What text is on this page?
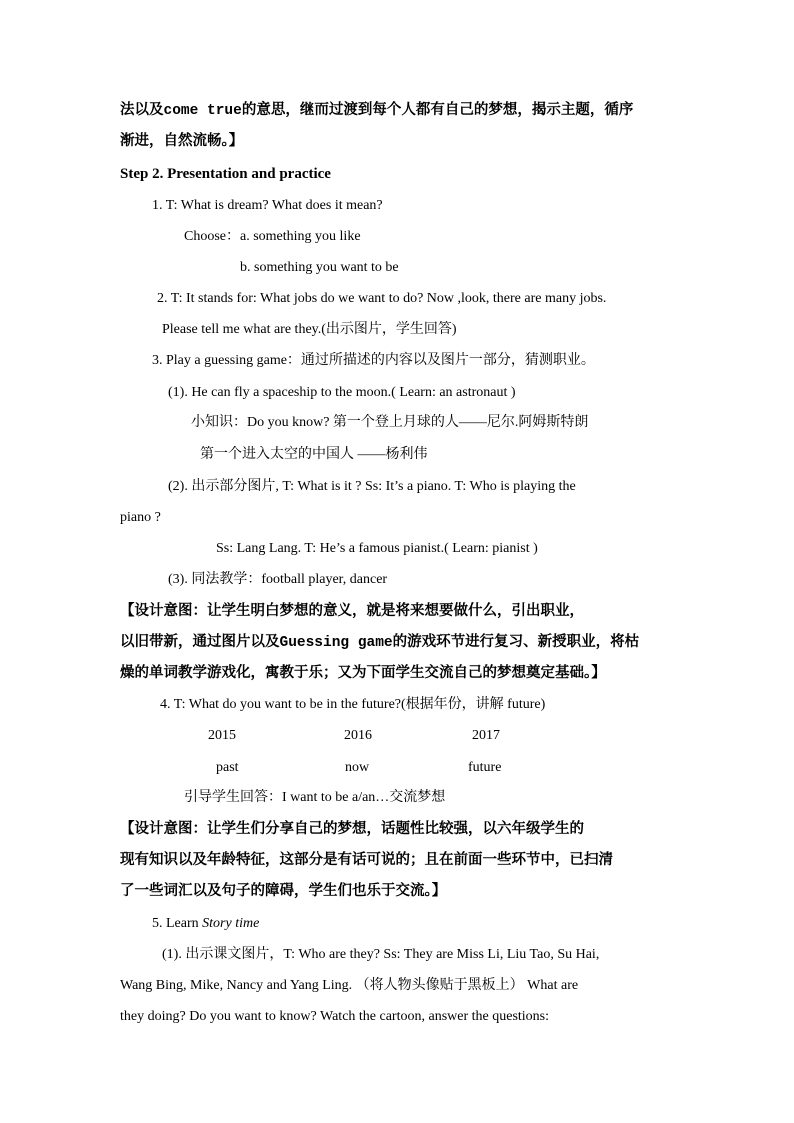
法以及come true的意思，继而过渡到每个人都有自己的梦想，揭示主题，循序
渐进，自然流畅。】
Step 2. Presentation and practice
1. T: What is dream? What does it mean?
Choose：a. something you like
b. something you want to be
2. T: It stands for: What jobs do we want to do? Now ,look, there are many jobs.
Please tell me what are they.(出示图片，学生回答)
3. Play a guessing game：通过所描述的内容以及图片一部分，猜测职业。
(1). He can fly a spaceship to the moon.( Learn: an astronaut )
小知识：Do you know? 第一个登上月球的人——尼尔.阿姆斯特朗
第一个进入太空的中国人 ——杨利伟
(2). 出示部分图片, T: What is it ? Ss: It’s a piano. T: Who is playing the
piano ?
Ss: Lang Lang. T: He’s a famous pianist.( Learn: pianist )
(3). 同法教学：football player, dancer
【设计意图：让学生明白梦想的意义，就是将来想要做什么，引出职业，
以旧带新，通过图片以及Guessing game的游戏环节进行复习、新授职业，将枯
燥的单词教学游戏化，寓教于乐；又为下面学生交流自己的梦想奠定基础。】
4. T: What do you want to be in the future?(根据年份，讲解 future)
2015	2016	2017
past	now	future
引导学生回答：I want to be a/an…交流梦想
【设计意图：让学生们分享自己的梦想，话题性比较强，以六年级学生的
现有知识以及年龄特征，这部分是有话可说的；且在前面一些环节中，已扫清
了一些词汇以及句子的障碍，学生们也乐于交流。】
5. Learn Story time
(1). 出示课文图片，T: Who are they? Ss: They are Miss Li, Liu Tao, Su Hai,
Wang Bing, Mike, Nancy and Yang Ling. （将人物头像贴于黑板上） What are
they doing? Do you want to know? Watch the cartoon, answer the questions:
